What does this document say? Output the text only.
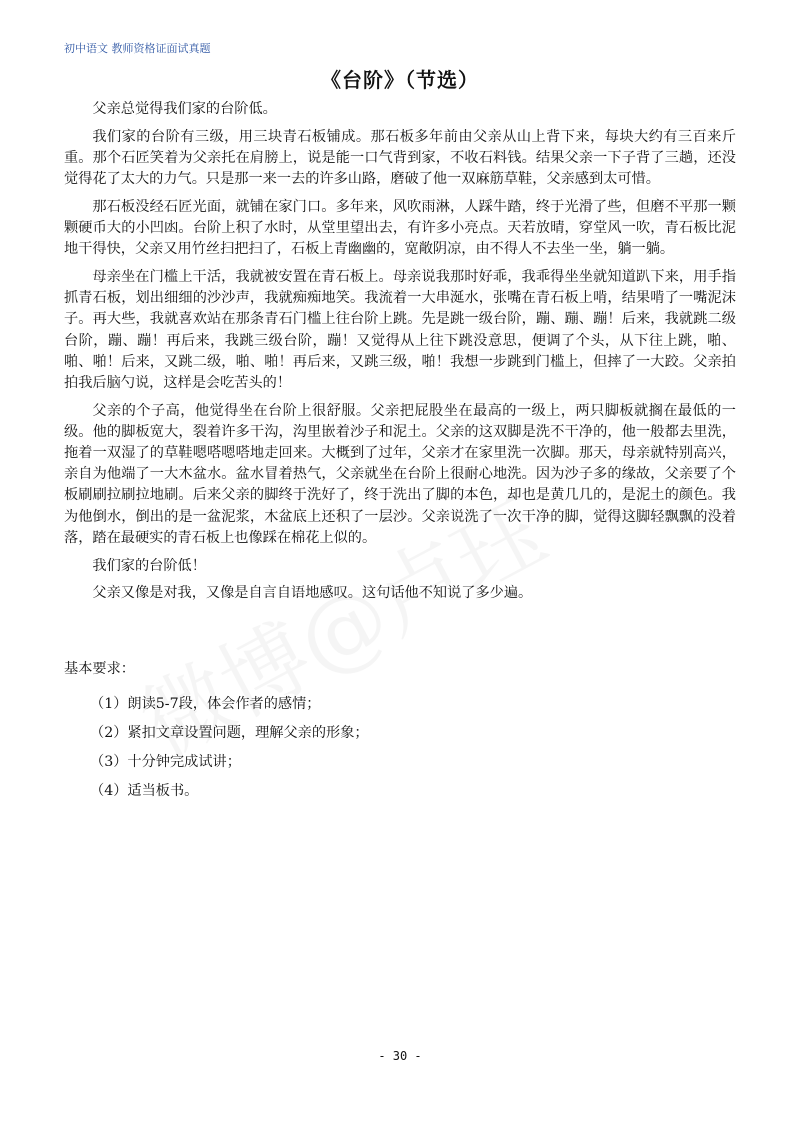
初中语文 教师资格证面试真题
《台阶》（节选）

父亲总觉得我们家的台阶低。

我们家的台阶有三级，用三块青石板铺成。那石板多年前由父亲从山上背下来，每块大约有三百来斤重。那个石匠笑着为父亲托在肩膀上，说是能一口气背到家，不收石料钱。结果父亲一下子背了三趟，还没觉得花了太大的力气。只是那一来一去的许多山路，磨破了他一双麻筋草鞋，父亲感到太可惜。

那石板没经石匠光面，就铺在家门口。多年来，风吹雨淋，人踩牛踏，终于光滑了些，但磨不平那一颗颗硬币大的小凹凼。台阶上积了水时，从堂里望出去，有许多小亮点。天若放晴，穿堂风一吹，青石板比泥地干得快，父亲又用竹丝扫把扫了，石板上青幽幽的，宽敞阴凉，由不得人不去坐一坐，躺一躺。

母亲坐在门槛上干活，我就被安置在青石板上。母亲说我那时好乖，我乖得坐坐就知道趴下来，用手指抓青石板，划出细细的沙沙声，我就痴痴地笑。我流着一大串涎水，张嘴在青石板上啃，结果啃了一嘴泥沫子。再大些，我就喜欢站在那条青石门槛上往台阶上跳。先是跳一级台阶，蹦、蹦、蹦！后来，我就跳二级台阶，蹦、蹦！再后来，我跳三级台阶，蹦！又觉得从上往下跳没意思，便调了个头，从下往上跳，啪、啪、啪！后来，又跳二级，啪、啪！再后来，又跳三级，啪！我想一步跳到门槛上，但摔了一大跤。父亲拍拍我后脑勺说，这样是会吃苦头的！

父亲的个子高，他觉得坐在台阶上很舒服。父亲把屁股坐在最高的一级上，两只脚板就搁在最低的一级。他的脚板宽大，裂着许多干沟，沟里嵌着沙子和泥土。父亲的这双脚是洗不干净的，他一般都去里洗，拖着一双湿了的草鞋嗯嗒嗯嗒地走回来。大概到了过年，父亲才在家里洗一次脚。那天，母亲就特别高兴，亲自为他端了一大木盆水。盆水冒着热气，父亲就坐在台阶上很耐心地洗。因为沙子多的缘故，父亲要了个板刷刷拉刷拉地刷。后来父亲的脚终于洗好了，终于洗出了脚的本色，却也是黄几几的，是泥土的颜色。我为他倒水，倒出的是一盆泥浆，木盆底上还积了一层沙。父亲说洗了一次干净的脚，觉得这脚轻飘飘的没着落，踏在最硬实的青石板上也像踩在棉花上似的。

我们家的台阶低！

父亲又像是对我，又像是自言自语地感叹。这句话他不知说了多少遍。

基本要求：
（1）朗读5-7段，体会作者的感情；
（2）紧扣文章设置问题，理解父亲的形象；
（3）十分钟完成试讲；
（4）适当板书。
- 30 -
